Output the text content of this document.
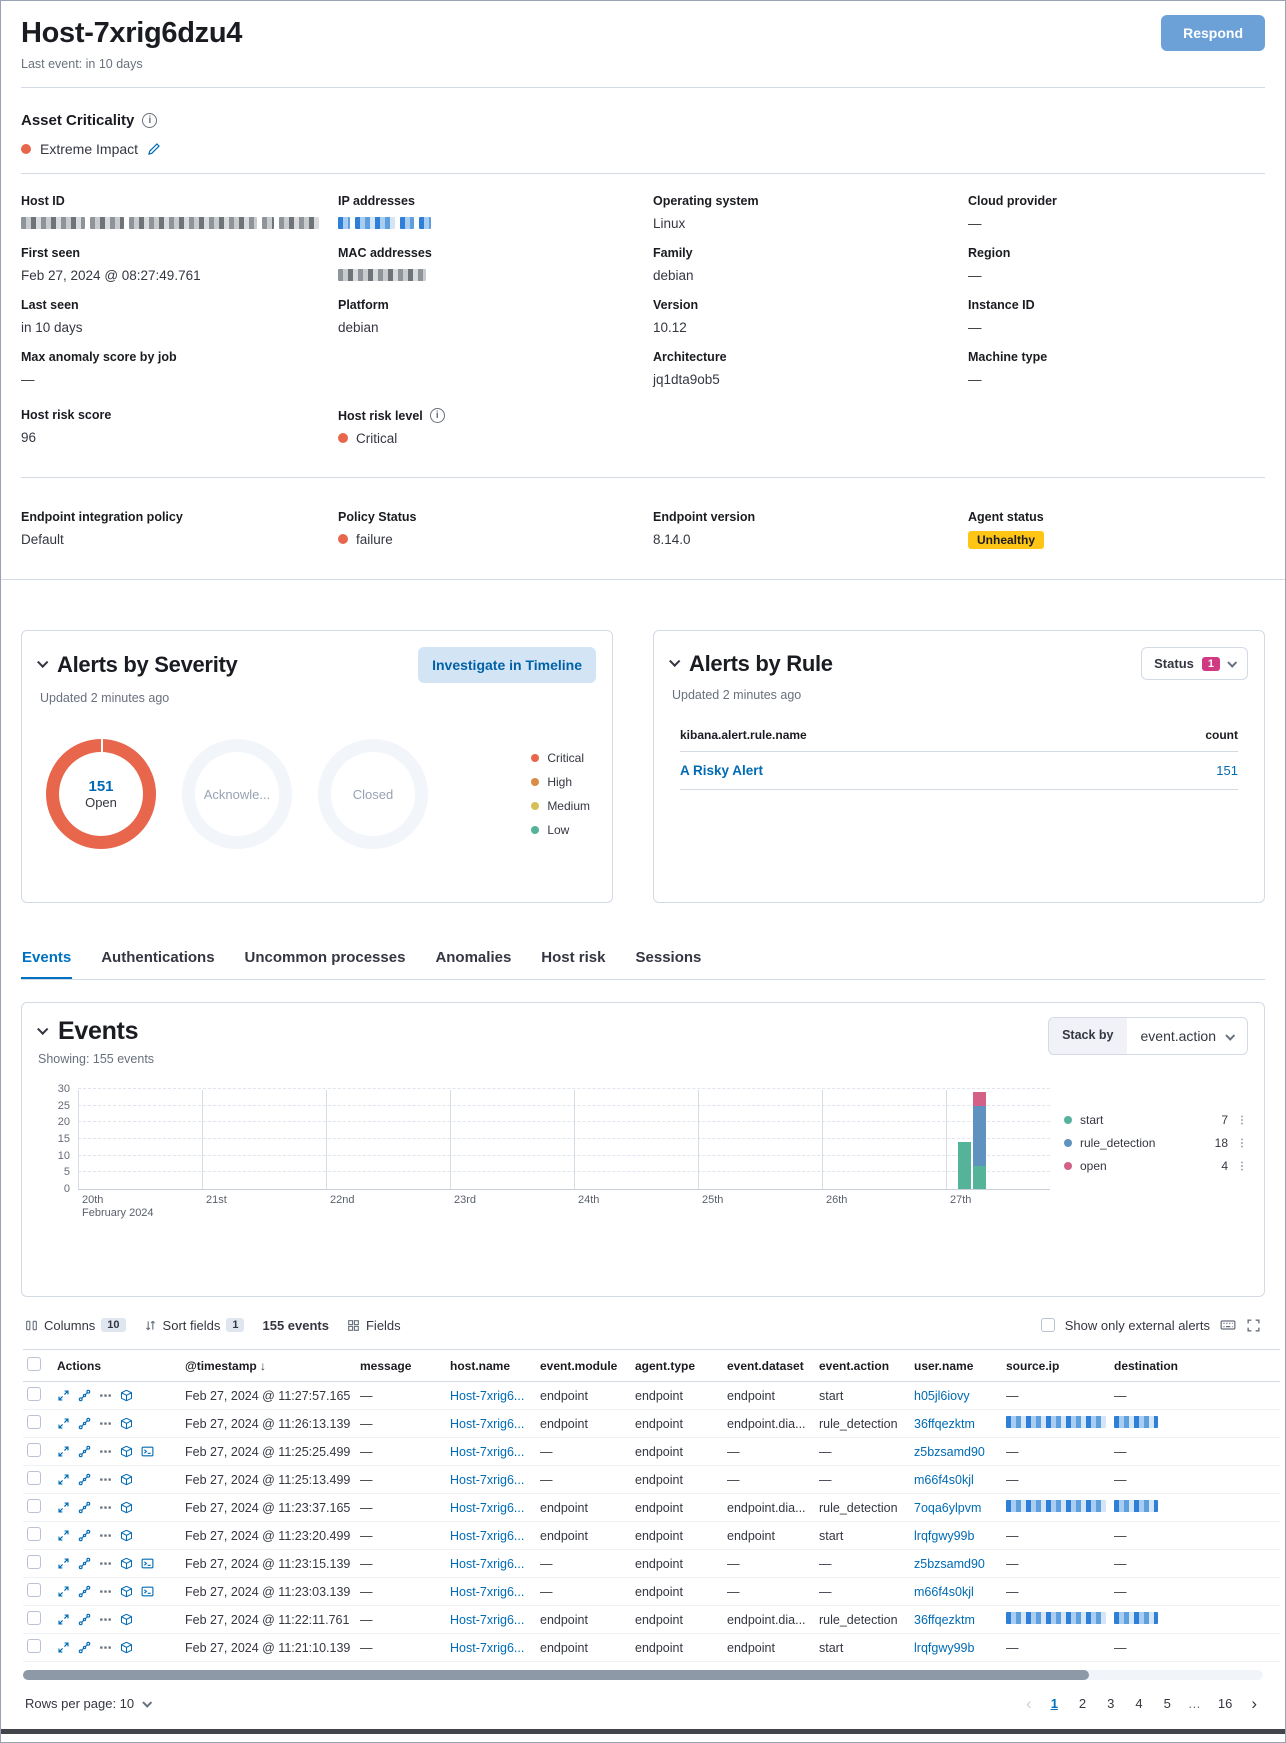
Host-7xrig6dzu4	Respond
Last event: in 10 days
Asset Criticality
i
Extreme Impact
Host ID
First seen
Feb 27, 2024 @ 08:27:49.761
Last seen
in 10 days
Max anomaly score by job
—
IP addresses
MAC addresses
Platform
debian
Operating system
Linux
Family
debian
Version
10.12
Architecture
jq1dta9ob5
Cloud provider
—
Region
—
Instance ID
—
Machine type
—
Host risk score
96
Host risk level
i
Critical
Endpoint integration policy
Default
Policy Status
failure
Endpoint version
8.14.0
Agent status
Unhealthy
Alerts by Severity	Investigate in Timeline
Updated 2 minutes ago
151
Open
Acknowle...	Closed
Critical
High
Medium
Low
Alerts by Rule	Status	1
Updated 2 minutes ago
kibana.alert.rule.name	count
A Risky Alert	151
Events Authentications Uncommon processes Anomalies Host risk Sessions
Events
Showing: 155 events
Stack by	event.action
0
5
10
15
20
25
30
20th
February 2024
21st	22nd	23rd	24th	25th	26th	27th
start	7
rule_detection	18
open	4
Columns	10	Sort fields	1	155 events	Fields	Show only external alerts
	Actions	@timestamp ↓	message	host.name	event.module	agent.type	event.dataset	event.action	user.name	source.ip	destination

	Feb 27, 2024 @ 11:27:57.165	—	Host-7xrig6...	endpoint	endpoint	endpoint	start	h05jl6iovy	—	—

	Feb 27, 2024 @ 11:26:13.139	—	Host-7xrig6...	endpoint	endpoint	endpoint.dia...	rule_detection	36ffqezktm	

	Feb 27, 2024 @ 11:25:25.499	—	Host-7xrig6...	—	endpoint	—	—	z5bzsamd90	—	—

	Feb 27, 2024 @ 11:25:13.499	—	Host-7xrig6...	—	endpoint	—	—	m66f4s0kjl	—	—

	Feb 27, 2024 @ 11:23:37.165	—	Host-7xrig6...	endpoint	endpoint	endpoint.dia...	rule_detection	7oqa6ylpvm	

	Feb 27, 2024 @ 11:23:20.499	—	Host-7xrig6...	endpoint	endpoint	endpoint	start	lrqfgwy99b	—	—

	Feb 27, 2024 @ 11:23:15.139	—	Host-7xrig6...	—	endpoint	—	—	z5bzsamd90	—	—

	Feb 27, 2024 @ 11:23:03.139	—	Host-7xrig6...	—	endpoint	—	—	m66f4s0kjl	—	—

	Feb 27, 2024 @ 11:22:11.761	—	Host-7xrig6...	endpoint	endpoint	endpoint.dia...	rule_detection	36ffqezktm	

	Feb 27, 2024 @ 11:21:10.139	—	Host-7xrig6...	endpoint	endpoint	endpoint	start	lrqfgwy99b	—	—
Rows per page: 10	‹	1	2	3	4	5	…	16	›
